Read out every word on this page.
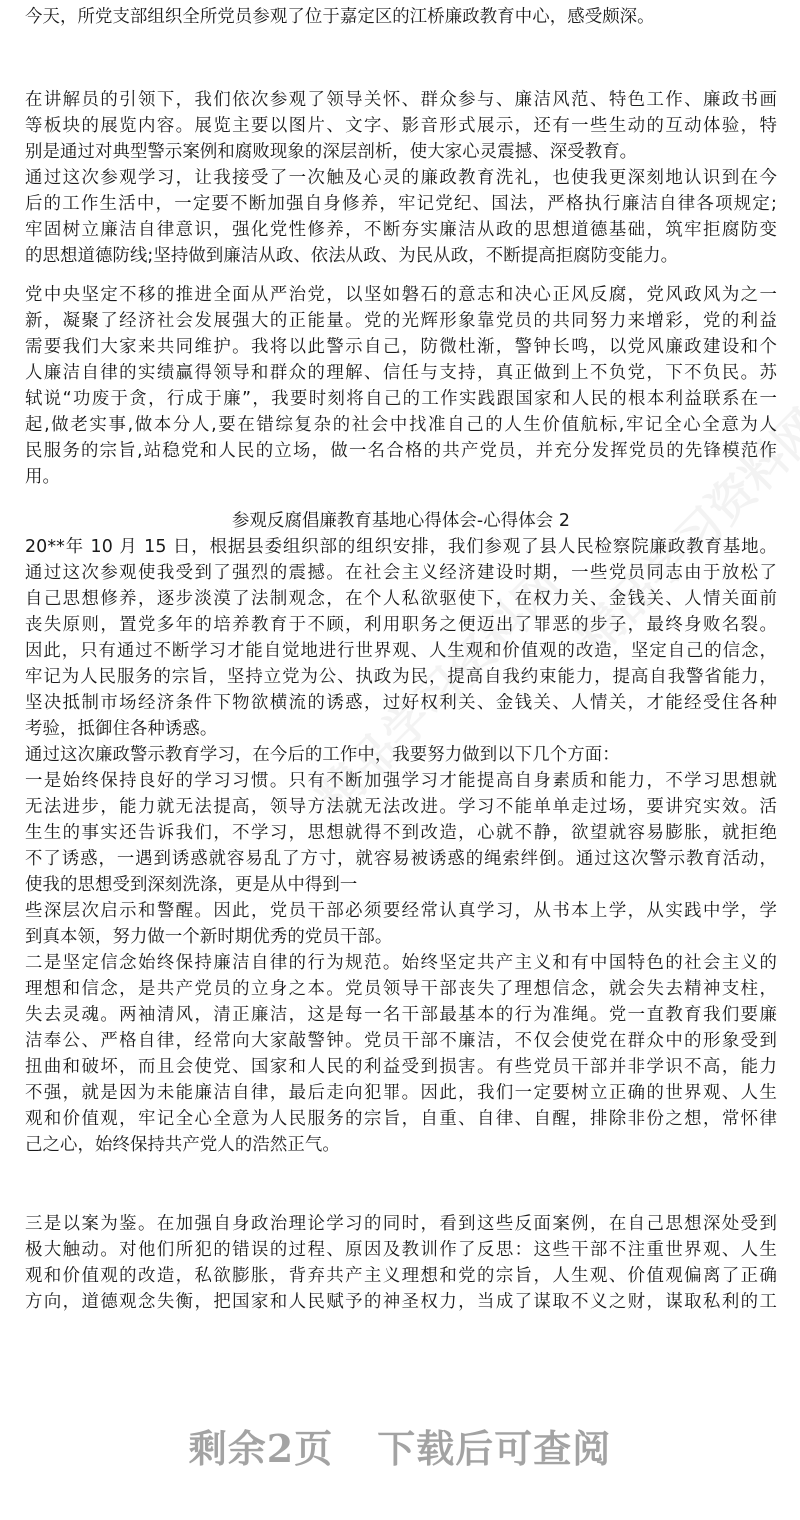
今天，所党支部组织全所党员参观了位于嘉定区的江桥廉政教育中心，感受颇深。
在讲解员的引领下，我们依次参观了领导关怀、群众参与、廉洁风范、特色工作、廉政书画
等板块的展览内容。展览主要以图片、文字、影音形式展示，还有一些生动的互动体验，特
别是通过对典型警示案例和腐败现象的深层剖析，使大家心灵震撼、深受教育。
通过这次参观学习，让我接受了一次触及心灵的廉政教育洗礼，也使我更深刻地认识到在今
后的工作生活中，一定要不断加强自身修养，牢记党纪、国法，严格执行廉洁自律各项规定;
牢固树立廉洁自律意识，强化党性修养，不断夯实廉洁从政的思想道德基础，筑牢拒腐防变
的思想道德防线;坚持做到廉洁从政、依法从政、为民从政，不断提高拒腐防变能力。
党中央坚定不移的推进全面从严治党，以坚如磐石的意志和决心正风反腐，党风政风为之一
新，凝聚了经济社会发展强大的正能量。党的光辉形象靠党员的共同努力来增彩，党的利益
需要我们大家来共同维护。我将以此警示自己，防微杜渐，警钟长鸣，以党风廉政建设和个
人廉洁自律的实绩赢得领导和群众的理解、信任与支持，真正做到上不负党，下不负民。苏
轼说“功废于贪，行成于廉”，我要时刻将自己的工作实践跟国家和人民的根本利益联系在一
起,做老实事,做本分人,要在错综复杂的社会中找准自己的人生价值航标,牢记全心全意为人
民服务的宗旨,站稳党和人民的立场，做一名合格的共产党员，并充分发挥党员的先锋模范作
用。
参观反腐倡廉教育基地心得体会-心得体会 2
20**年 10 月 15 日，根据县委组织部的组织安排，我们参观了县人民检察院廉政教育基地。
通过这次参观使我受到了强烈的震撼。在社会主义经济建设时期，一些党员同志由于放松了
自己思想修养，逐步淡漠了法制观念，在个人私欲驱使下，在权力关、金钱关、人情关面前
丧失原则，置党多年的培养教育于不顾，利用职务之便迈出了罪恶的步子，最终身败名裂。
因此，只有通过不断学习才能自觉地进行世界观、人生观和价值观的改造，坚定自己的信念，
牢记为人民服务的宗旨，坚持立党为公、执政为民，提高自我约束能力，提高自我警省能力，
坚决抵制市场经济条件下物欲横流的诱惑，过好权利关、金钱关、人情关，才能经受住各种
考验，抵御住各种诱惑。
通过这次廉政警示教育学习，在今后的工作中，我要努力做到以下几个方面：
一是始终保持良好的学习习惯。只有不断加强学习才能提高自身素质和能力，不学习思想就
无法进步，能力就无法提高，领导方法就无法改进。学习不能单单走过场，要讲究实效。活
生生的事实还告诉我们，不学习，思想就得不到改造，心就不静，欲望就容易膨胀，就拒绝
不了诱惑，一遇到诱惑就容易乱了方寸，就容易被诱惑的绳索绊倒。通过这次警示教育活动，
使我的思想受到深刻洗涤，更是从中得到一
些深层次启示和警醒。因此，党员干部必须要经常认真学习，从书本上学，从实践中学，学
到真本领，努力做一个新时期优秀的党员干部。
二是坚定信念始终保持廉洁自律的行为规范。始终坚定共产主义和有中国特色的社会主义的
理想和信念，是共产党员的立身之本。党员领导干部丧失了理想信念，就会失去精神支柱，
失去灵魂。两袖清风，清正廉洁，这是每一名干部最基本的行为准绳。党一直教育我们要廉
洁奉公、严格自律，经常向大家敲警钟。党员干部不廉洁，不仅会使党在群众中的形象受到
扭曲和破坏，而且会使党、国家和人民的利益受到损害。有些党员干部并非学识不高，能力
不强，就是因为未能廉洁自律，最后走向犯罪。因此，我们一定要树立正确的世界观、人生
观和价值观，牢记全心全意为人民服务的宗旨，自重、自律、自醒，排除非份之想，常怀律
己之心，始终保持共产党人的浩然正气。
三是以案为鉴。在加强自身政治理论学习的同时，看到这些反面案例，在自己思想深处受到
极大触动。对他们所犯的错误的过程、原因及教训作了反思：这些干部不注重世界观、人生
观和价值观的改造，私欲膨胀，背弃共产主义理想和党的宗旨，人生观、价值观偏离了正确
方向，道德观念失衡，把国家和人民赋予的神圣权力，当成了谋取不义之财，谋取私利的工
剩余2页 下载后可查阅
